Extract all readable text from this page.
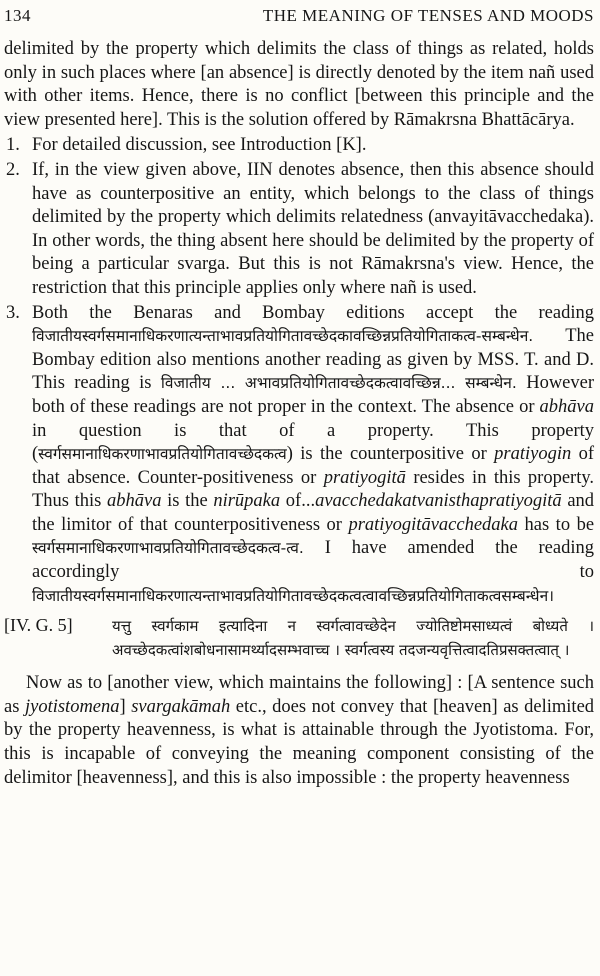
134	THE MEANING OF TENSES AND MOODS

delimited by the property which delimits the class of things as related, holds only in such places where [an absence] is directly denoted by the item nañ used with other items. Hence, there is no conflict [between this principle and the view presented here]. This is the solution offered by Rāmakrsna Bhattācārya.

1. For detailed discussion, see Introduction [K].
2. If, in the view given above, IIN denotes absence, then this absence should have as counterpositive an entity, which belongs to the class of things delimited by the property which delimits relatedness (anvayitāvacchedaka). In other words, the thing absent here should be delimited by the property of being a particular svarga. But this is not Rāmakrsna's view. Hence, the restriction that this principle applies only where nañ is used.
3. Both the Benaras and Bombay editions accept the reading विजातीयस्वर्गसमानाधिकरणात्यन्ताभावप्रतियोगितावच्छेदकावच्छिन्नप्रतियोगिताकत्व-सम्बन्धेन. The Bombay edition also mentions another reading as given by MSS. T. and D. This reading is विजातीय ... अभावप्रतियोगितावच्छेदकत्वावच्छिन्न... सम्बन्धेन. However both of these readings are not proper in the context. The absence or abhāva in question is that of a property. This property (स्वर्गसमानाधिकरणाभावप्रतियोगितावच्छेदकत्व) is the counterpositive or pratiyogin of that absence. Counter-positiveness or pratiyogitā resides in this property. Thus this abhāva is the nirūpaka of...avacchedakatvanisthapratiyogitā and the limitor of that counterpositiveness or pratiyogitāvacchedaka has to be स्वर्गसमानाधिकरणाभावप्रतियोगितावच्छेदकत्व-त्व. I have amended the reading accordingly to विजातीयस्वर्गसमानाधिकरणात्यन्ताभावप्रतियोगितावच्छेदकत्वत्वावच्छिन्नप्रतियोगिताकत्वसम्बन्धेन।
[IV. G. 5]	यत्तु स्वर्गकाम इत्यादिना न स्वर्गत्वावच्छेदेन ज्योतिष्टोमसाध्यत्वं बोध्यते । अवच्छेदकत्वांशबोधनासामर्थ्यादसम्भवाच्च । स्वर्गत्वस्य तदजन्यवृत्तित्वादतिप्रसक्तत्वात् ।

Now as to [another view, which maintains the following] : [A sentence such as jyotistomena] svargakāmah etc., does not convey that [heaven] as delimited by the property heavenness, is what is attainable through the Jyotistoma. For, this is incapable of conveying the meaning component consisting of the delimitor [heavenness], and this is also impossible : the property heavenness
